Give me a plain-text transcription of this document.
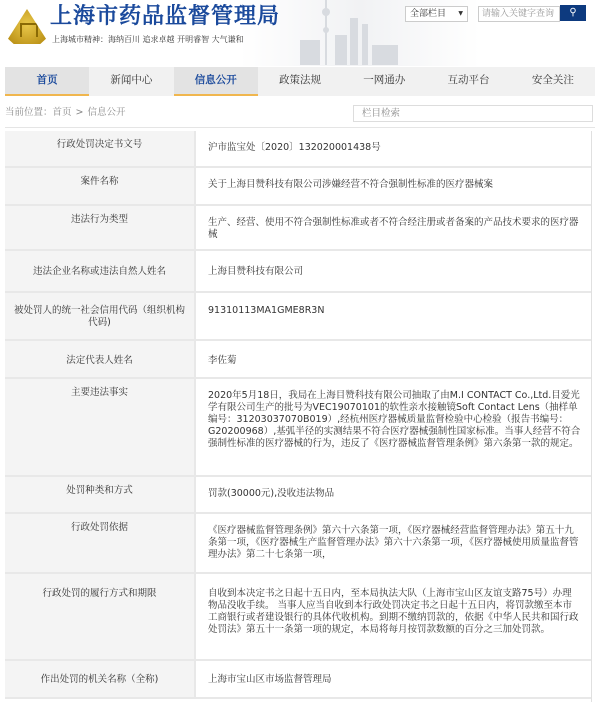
上海市药品监督管理局
上海城市精神：海纳百川 追求卓越 开明睿智 大气谦和
全部栏目 ▼	请输入关键字查询	⚲
首页	新闻中心	信息公开	政策法规	一网通办	互动平台	安全关注
当前位置：首页 > 信息公开	栏目检索
行政处罚决定书文号	沪市监宝处〔2020〕132020001438号
案件名称	关于上海目赞科技有限公司涉嫌经营不符合强制性标准的医疗器械案
违法行为类型	生产、经营、使用不符合强制性标准或者不符合经注册或者备案的产品技术要求的医疗器械
违法企业名称或违法自然人姓名	上海目赞科技有限公司
被处罚人的统一社会信用代码（组织机构代码)	91310113MA1GME8R3N
法定代表人姓名	李佐菊
主要违法事实	2020年5月18日，我局在上海目赞科技有限公司抽取了由M.I CONTACT Co.,Ltd.目爱光学有限公司生产的批号为VEC19070101的软性亲水接触镜Soft Contact Lens（抽样单编号：31203037070B019）,经杭州医疗器械质量监督检验中心检验（报告书编号：G20200968）,基弧半径的实测结果不符合医疗器械强制性国家标准。当事人经营不符合强制性标准的医疗器械的行为，违反了《医疗器械监督管理条例》第六条第一款的规定。
处罚种类和方式	罚款(30000元),没收违法物品
行政处罚依据	《医疗器械监督管理条例》第六十六条第一项，《医疗器械经营监督管理办法》第五十九条第一项，《医疗器械生产监督管理办法》第六十六条第一项，《医疗器械使用质量监督管理办法》第二十七条第一项，
行政处罚的履行方式和期限	自收到本决定书之日起十五日内，至本局执法大队（上海市宝山区友谊支路75号）办理物品没收手续。 当事人应当自收到本行政处罚决定书之日起十五日内，将罚款缴至本市工商银行或者建设银行的具体代收机构。到期不缴纳罚款的，依据《中华人民共和国行政处罚法》第五十一条第一项的规定，本局将每月按罚款数额的百分之三加处罚款。
作出处罚的机关名称（全称)	上海市宝山区市场监督管理局
